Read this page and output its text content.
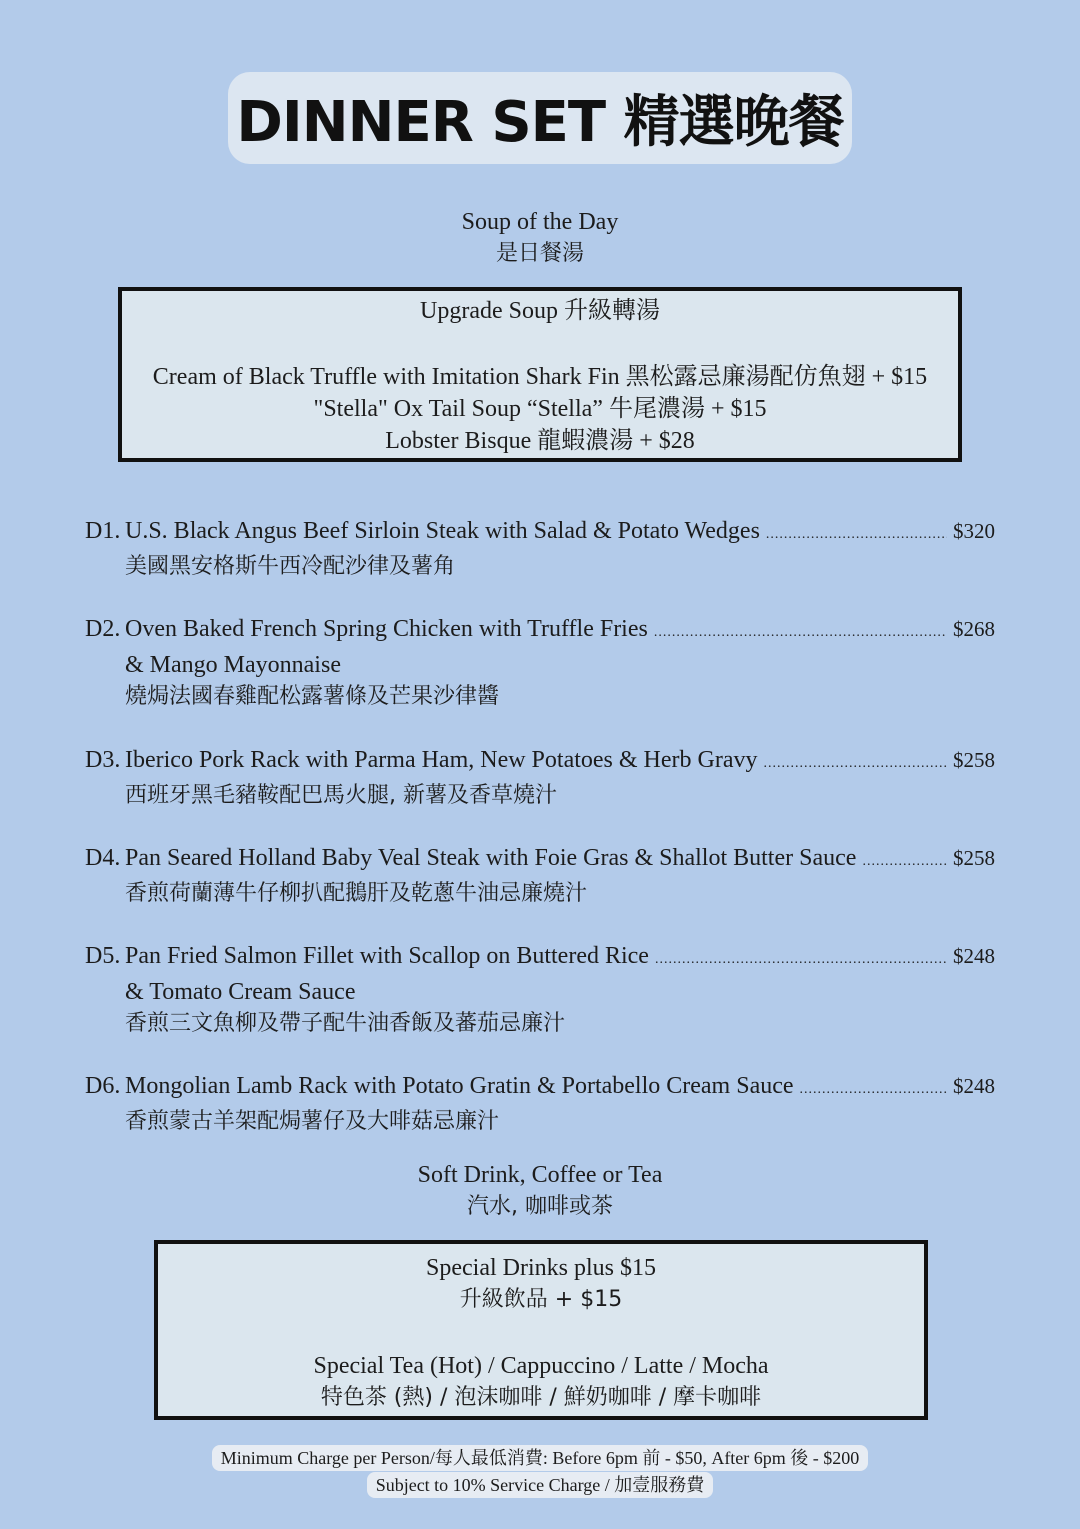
DINNER SET 精選晚餐
Soup of the Day
是日餐湯
Upgrade Soup 升級轉湯
Cream of Black Truffle with Imitation Shark Fin 黑松露忌廉湯配仿魚翅 + $15
"Stella" Ox Tail Soup “Stella” 牛尾濃湯 + $15
Lobster Bisque 龍蝦濃湯 + $28
D1. U.S. Black Angus Beef Sirloin Steak with Salad & Potato Wedges .....	$320
美國黑安格斯牛西冷配沙律及薯角
D2. Oven Baked French Spring Chicken with Truffle Fries .....	$268
& Mango Mayonnaise
燒焗法國春雞配松露薯條及芒果沙律醬
D3. Iberico Pork Rack with Parma Ham, New Potatoes & Herb Gravy .....	$258
西班牙黑毛豬鞍配巴馬火腿, 新薯及香草燒汁
D4. Pan Seared Holland Baby Veal Steak with Foie Gras & Shallot Butter Sauce .....	$258
香煎荷蘭薄牛仔柳扒配鵝肝及乾蔥牛油忌廉燒汁
D5. Pan Fried Salmon Fillet with Scallop on Buttered Rice .....	$248
& Tomato Cream Sauce
香煎三文魚柳及帶子配牛油香飯及蕃茄忌廉汁
D6. Mongolian Lamb Rack with Potato Gratin & Portabello Cream Sauce .....	$248
香煎蒙古羊架配焗薯仔及大啡菇忌廉汁
Soft Drink, Coffee or Tea
汽水, 咖啡或茶
Special Drinks plus $15
升級飲品 + $15
Special Tea (Hot) / Cappuccino / Latte / Mocha
特色茶 (熱) / 泡沫咖啡 / 鮮奶咖啡 / 摩卡咖啡
Minimum Charge per Person/每人最低消費: Before 6pm 前 - $50, After 6pm 後 - $200
Subject to 10% Service Charge / 加壹服務費
